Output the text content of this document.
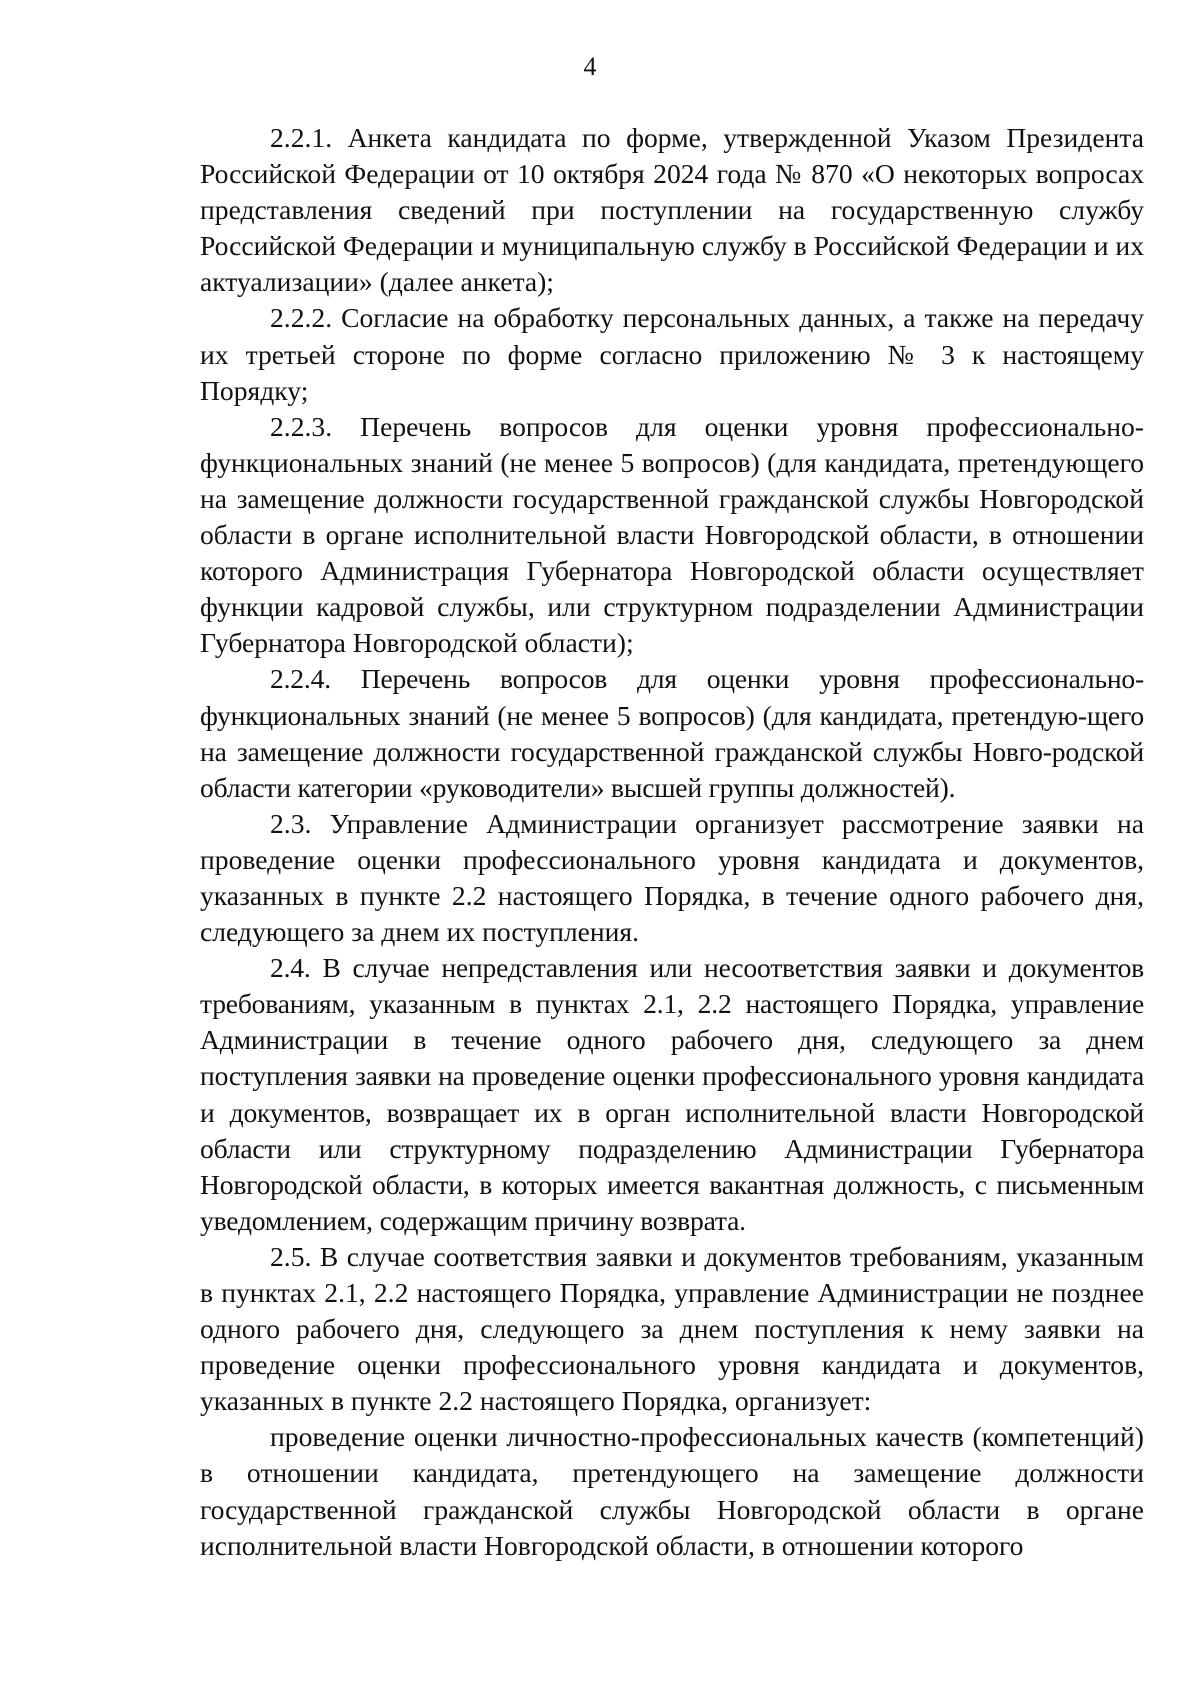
4

2.2.1. Анкета кандидата по форме, утвержденной Указом Президента Российской Федерации от 10 октября 2024 года № 870 «О некоторых вопросах представления сведений при поступлении на государственную службу Российской Федерации и муниципальную службу в Российской Федерации и их актуализации» (далее анкета);

2.2.2. Согласие на обработку персональных данных, а также на передачу их третьей стороне по форме согласно приложению № 3 к настоящему Порядку;

2.2.3. Перечень вопросов для оценки уровня профессионально-функциональных знаний (не менее 5 вопросов) (для кандидата, претендующего на замещение должности государственной гражданской службы Новгородской области в органе исполнительной власти Новгородской области, в отношении которого Администрация Губернатора Новгородской области осуществляет функции кадровой службы, или структурном подразделении Администрации Губернатора Новгородской области);

2.2.4. Перечень вопросов для оценки уровня профессионально-функциональных знаний (не менее 5 вопросов) (для кандидата, претендую-щего на замещение должности государственной гражданской службы Новго-родской области категории «руководители» высшей группы должностей).

2.3. Управление Администрации организует рассмотрение заявки на проведение оценки профессионального уровня кандидата и документов, указанных в пункте 2.2 настоящего Порядка, в течение одного рабочего дня, следующего за днем их поступления.

2.4. В случае непредставления или несоответствия заявки и документов требованиям, указанным в пунктах 2.1, 2.2 настоящего Порядка, управление Администрации в течение одного рабочего дня, следующего за днем поступления заявки на проведение оценки профессионального уровня кандидата и документов, возвращает их в орган исполнительной власти Новгородской области или структурному подразделению Администрации Губернатора Новгородской области, в которых имеется вакантная должность, с письменным уведомлением, содержащим причину возврата.

2.5. В случае соответствия заявки и документов требованиям, указанным в пунктах 2.1, 2.2 настоящего Порядка, управление Администрации не позднее одного рабочего дня, следующего за днем поступления к нему заявки на проведение оценки профессионального уровня кандидата и документов, указанных в пункте 2.2 настоящего Порядка, организует:

проведение оценки личностно-профессиональных качеств (компетенций) в отношении кандидата, претендующего на замещение должности государственной гражданской службы Новгородской области в органе исполнительной власти Новгородской области, в отношении которого
